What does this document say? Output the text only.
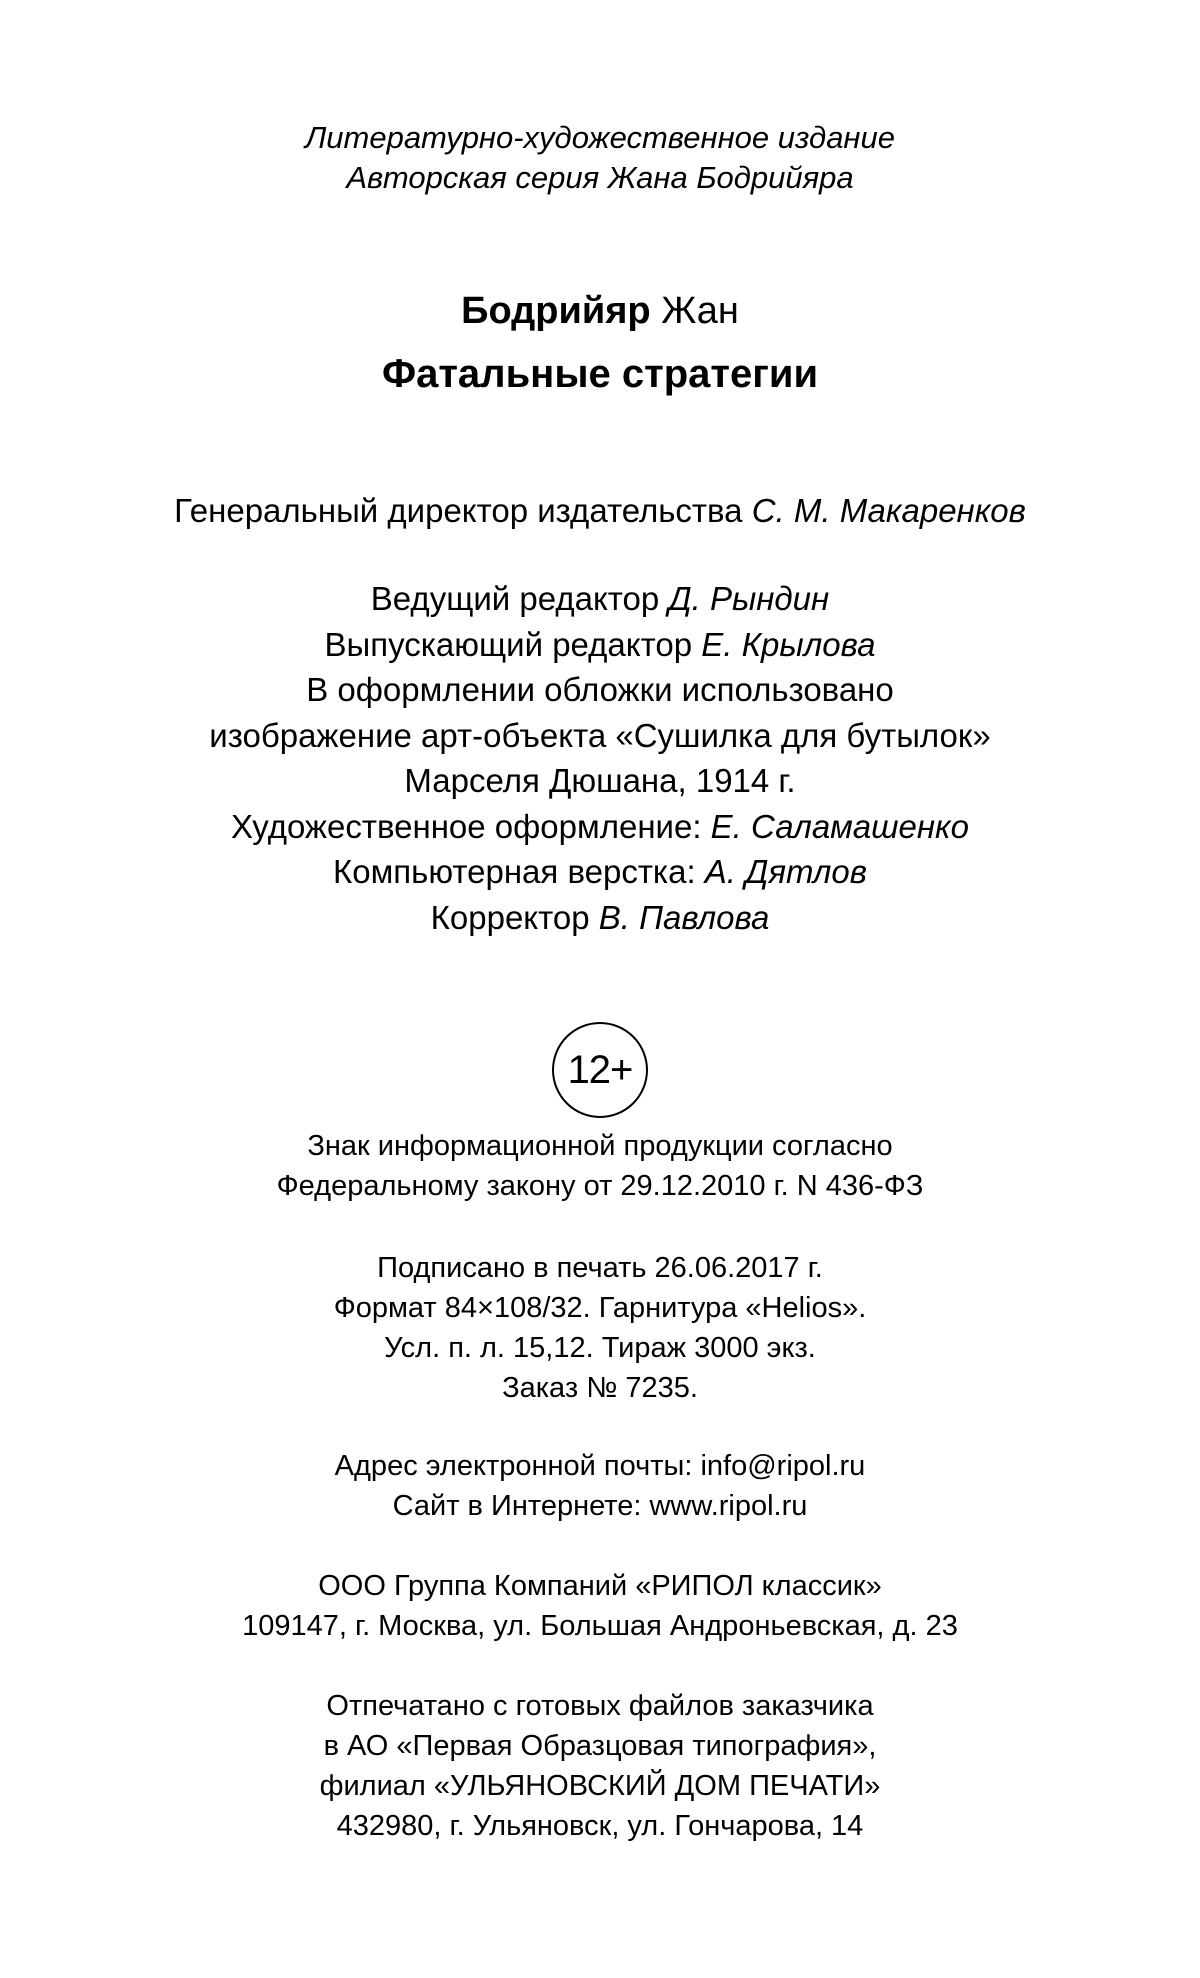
Литературно-художественное издание
Авторская серия Жана Бодрийяра
Бодрийяр Жан
Фатальные стратегии
Генеральный директор издательства С. М. Макаренков
Ведущий редактор Д. Рындин
Выпускающий редактор Е. Крылова
В оформлении обложки использовано
изображение арт-объекта «Сушилка для бутылок»
Марселя Дюшана, 1914 г.
Художественное оформление: Е. Саламашенко
Компьютерная верстка: А. Дятлов
Корректор В. Павлова
12+
Знак информационной продукции согласно
Федеральному закону от 29.12.2010 г. N 436-ФЗ
Подписано в печать 26.06.2017 г.
Формат 84×108/32. Гарнитура «Helios».
Усл. п. л. 15,12. Тираж 3000 экз.
Заказ № 7235.
Адрес электронной почты: info@ripol.ru
Сайт в Интернете: www.ripol.ru
ООО Группа Компаний «РИПОЛ классик»
109147, г. Москва, ул. Большая Андроньевская, д. 23
Отпечатано с готовых файлов заказчика
в АО «Первая Образцовая типография»,
филиал «УЛЬЯНОВСКИЙ ДОМ ПЕЧАТИ»
432980, г. Ульяновск, ул. Гончарова, 14
